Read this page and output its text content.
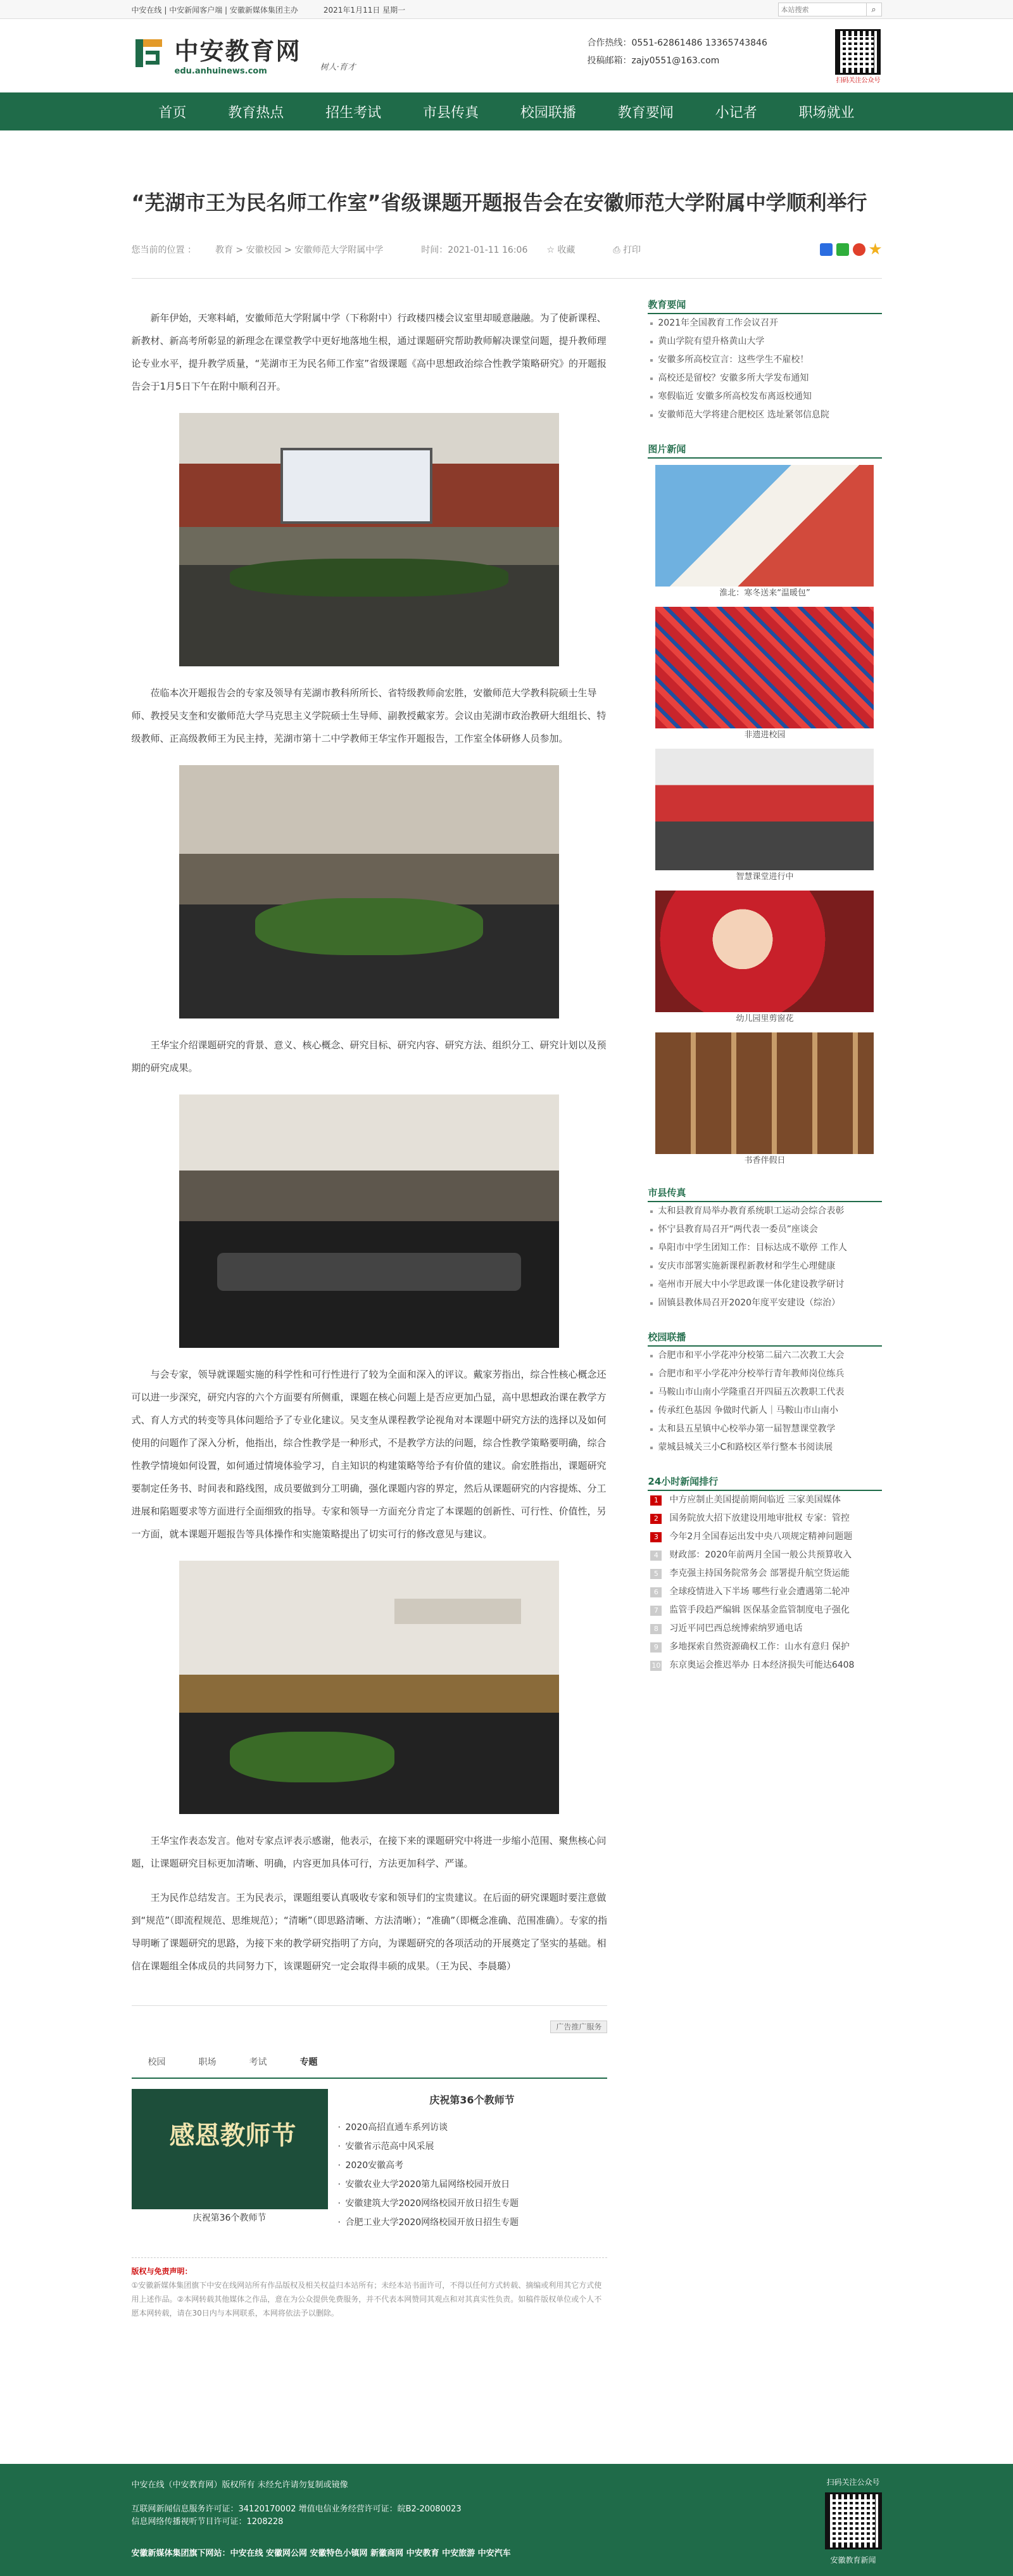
中安在线 | 中安新闻客户端 | 安徽新媒体集团主办	2021年1月11日 星期一
本站搜索	⌕
中安教育网
edu.anhuinews.com	树人·育才
合作热线：0551-62861486 13365743846
投稿邮箱：zajy0551@163.com
扫码关注公众号
首页	教育热点	招生考试	市县传真	校园联播	教育要闻	小记者	职场就业
“芜湖市王为民名师工作室”省级课题开题报告会在安徽师范大学附属中学顺利举行
您当前的位置 ： 教育 > 安徽校园 > 安徽师范大学附属中学	时间：2021-01-11 16:06 ☆ 收藏	⎙ 打印

新年伊始，天寒料峭，安徽师范大学附属中学（下称附中）行政楼四楼会议室里却暖意融融。为了使新课程、新教材、新高考所彰显的新理念在课堂教学中更好地落地生根，通过课题研究帮助教师解决课堂问题，提升教师理论专业水平，提升教学质量，“芜湖市王为民名师工作室”省级课题《高中思想政治综合性教学策略研究》的开题报告会于1月5日下午在附中顺利召开。

莅临本次开题报告会的专家及领导有芜湖市教科所所长、省特级教师俞宏胜，安徽师范大学教科院硕士生导师、教授吴支奎和安徽师范大学马克思主义学院硕士生导师、副教授戴家芳。会议由芜湖市政治教研大组组长、特级教师、正高级教师王为民主持，芜湖市第十二中学教师王华宝作开题报告，工作室全体研修人员参加。

王华宝介绍课题研究的背景、意义、核心概念、研究目标、研究内容、研究方法、组织分工、研究计划以及预期的研究成果。

与会专家，领导就课题实施的科学性和可行性进行了较为全面和深入的评议。戴家芳指出，综合性核心概念还可以进一步深究，研究内容的六个方面要有所侧重，课题在核心问题上是否应更加凸显，高中思想政治课在教学方式、育人方式的转变等具体问题给予了专业化建议。吴支奎从课程教学论视角对本课题中研究方法的选择以及如何使用的问题作了深入分析，他指出，综合性教学是一种形式，不是教学方法的问题，综合性教学策略要明确，综合性教学情境如何设置，如何通过情境体验学习，自主知识的构建策略等给予有价值的建议。俞宏胜指出，课题研究要制定任务书、时间表和路线图，成员要做到分工明确，强化课题内容的界定，然后从课题研究的内容提炼、分工进展和陷题要求等方面进行全面细致的指导。专家和领导一方面充分肯定了本课题的创新性、可行性、价值性，另一方面，就本课题开题报告等具体操作和实施策略提出了切实可行的修改意见与建议。

王华宝作表态发言。他对专家点评表示感谢，他表示，在接下来的课题研究中将进一步缩小范围、聚焦核心问题，让课题研究目标更加清晰、明确，内容更加具体可行，方法更加科学、严谨。

王为民作总结发言。王为民表示，课题组要认真吸收专家和领导们的宝贵建议。在后面的研究课题时要注意做到“规范”（即流程规范、思维规范）；“清晰”（即思路清晰、方法清晰）；“准确”（即概念准确、范围准确）。专家的指导明晰了课题研究的思路，为接下来的教学研究指明了方向，为课题研究的各项活动的开展奠定了坚实的基础。相信在课题组全体成员的共同努力下，该课题研究一定会取得丰硕的成果。（王为民、李晨璐）

广告推广服务
校园	职场	考试	专题
感恩教师节
庆祝第36个教师节
庆祝第36个教师节
· 2020高招直通车系列访谈
· 安徽省示范高中风采展
· 2020安徽高考
· 安徽农业大学2020第九届网络校园开放日
· 安徽建筑大学2020网络校园开放日招生专题
· 合肥工业大学2020网络校园开放日招生专题
版权与免责声明：
①安徽新媒体集团旗下中安在线网站所有作品版权及相关权益归本站所有；未经本站书面许可，不得以任何方式转载、摘编或利用其它方式使用上述作品。②本网转载其他媒体之作品，意在为公众提供免费服务，并不代表本网赞同其观点和对其真实性负责。如稿件版权单位或个人不愿本网转载，请在30日内与本网联系，本网将依法予以删除。
教育要闻
2021年全国教育工作会议召开
黄山学院有望升格黄山大学
安徽多所高校宣言：这些学生不雇校！
高校还是留校？安徽多所大学发布通知
寒假临近 安徽多所高校发布离返校通知
安徽师范大学将建合肥校区 选址紧邻信息院
图片新闻
淮北：寒冬送来“温暖包”
非遗进校园
智慧课堂进行中
幼儿园里剪窗花
书香伴假日
市县传真
太和县教育局举办教育系统职工运动会综合表彰
怀宁县教育局召开“两代表一委员”座谈会
阜阳市中学生团知工作：目标达成不歇停 工作人
安庆市部署实施新课程新教材和学生心理健康
亳州市开展大中小学思政课一体化建设教学研讨
固镇县教体局召开2020年度平安建设（综治）
校园联播
合肥市和平小学花冲分校第二届六二次教工大会
合肥市和平小学花冲分校举行青年教师岗位练兵
马鞍山市山南小学隆重召开四届五次教职工代表
传承红色基因 争做时代新人｜马鞍山市山南小
太和县五星镇中心校举办第一届智慧课堂教学
蒙城县城关三小C和路校区举行整本书阅读展
24小时新闻排行
1	中方应制止美国提前期间临近 三家美国媒体
2	国务院放大招下放建设用地审批权 专家：管控
3	今年2月全国春运出发中央八项规定精神问题题
4	财政部：2020年前两月全国一般公共预算收入
5	李克强主持国务院常务会 部署提升航空货运能
6	全球疫情进入下半场 哪些行业会遭遇第二轮冲
7	监管手段趋严编辑 医保基金监管制度电子强化
8	习近平同巴西总统博索纳罗通电话
9	多地探索自然资源确权工作：山水有意归 保护
10 东京奥运会推迟举办 日本经济损失可能达6408
中安在线（中安教育网）版权所有 未经允许请勿复制或镜像
互联网新闻信息服务许可证：34120170002 增值电信业务经营许可证：皖B2-20080023
信息网络传播视听节目许可证：1208228
安徽新媒体集团旗下网站：中安在线 安徽网公网 安徽特色小镇网 新徽商网 中安教育 中安旅游 中安汽车
扫码关注公众号
安徽教育新闻
